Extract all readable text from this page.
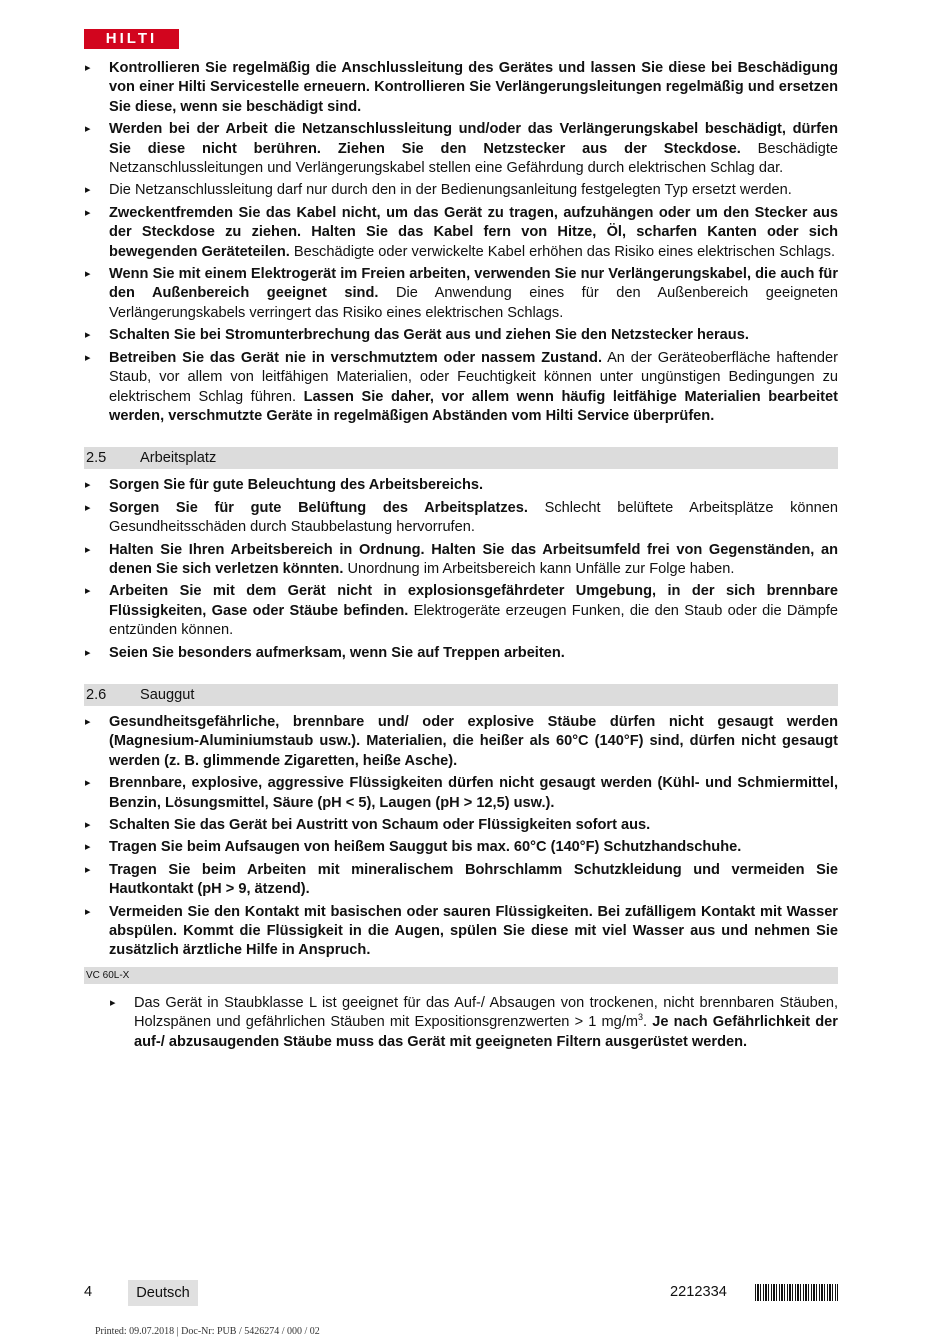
HILTI
▸ Kontrollieren Sie regelmäßig die Anschlussleitung des Gerätes und lassen Sie diese bei Beschädigung von einer Hilti Servicestelle erneuern. Kontrollieren Sie Verlängerungsleitungen regelmäßig und ersetzen Sie diese, wenn sie beschädigt sind.
▸ Werden bei der Arbeit die Netzanschlussleitung und/oder das Verlängerungskabel beschädigt, dürfen Sie diese nicht berühren. Ziehen Sie den Netzstecker aus der Steckdose. Beschädigte Netzanschlussleitungen und Verlängerungskabel stellen eine Gefährdung durch elektrischen Schlag dar.
▸ Die Netzanschlussleitung darf nur durch den in der Bedienungsanleitung festgelegten Typ ersetzt werden.
▸ Zweckentfremden Sie das Kabel nicht, um das Gerät zu tragen, aufzuhängen oder um den Stecker aus der Steckdose zu ziehen. Halten Sie das Kabel fern von Hitze, Öl, scharfen Kanten oder sich bewegenden Geräteteilen. Beschädigte oder verwickelte Kabel erhöhen das Risiko eines elektrischen Schlags.
▸ Wenn Sie mit einem Elektrogerät im Freien arbeiten, verwenden Sie nur Verlängerungskabel, die auch für den Außenbereich geeignet sind. Die Anwendung eines für den Außenbereich geeigneten Verlängerungskabels verringert das Risiko eines elektrischen Schlags.
▸ Schalten Sie bei Stromunterbrechung das Gerät aus und ziehen Sie den Netzstecker heraus.
▸ Betreiben Sie das Gerät nie in verschmutztem oder nassem Zustand. An der Geräteoberfläche haftender Staub, vor allem von leitfähigen Materialien, oder Feuchtigkeit können unter ungünstigen Bedingungen zu elektrischem Schlag führen. Lassen Sie daher, vor allem wenn häufig leitfähige Materialien bearbeitet werden, verschmutzte Geräte in regelmäßigen Abständen vom Hilti Service überprüfen.
2.5 Arbeitsplatz
▸ Sorgen Sie für gute Beleuchtung des Arbeitsbereichs.
▸ Sorgen Sie für gute Belüftung des Arbeitsplatzes. Schlecht belüftete Arbeitsplätze können Gesundheitsschäden durch Staubbelastung hervorrufen.
▸ Halten Sie Ihren Arbeitsbereich in Ordnung. Halten Sie das Arbeitsumfeld frei von Gegenständen, an denen Sie sich verletzen könnten. Unordnung im Arbeitsbereich kann Unfälle zur Folge haben.
▸ Arbeiten Sie mit dem Gerät nicht in explosionsgefährdeter Umgebung, in der sich brennbare Flüssigkeiten, Gase oder Stäube befinden. Elektrogeräte erzeugen Funken, die den Staub oder die Dämpfe entzünden können.
▸ Seien Sie besonders aufmerksam, wenn Sie auf Treppen arbeiten.
2.6 Sauggut
▸ Gesundheitsgefährliche, brennbare und/ oder explosive Stäube dürfen nicht gesaugt werden (Magnesium-Aluminiumstaub usw.). Materialien, die heißer als 60°C (140°F) sind, dürfen nicht gesaugt werden (z. B. glimmende Zigaretten, heiße Asche).
▸ Brennbare, explosive, aggressive Flüssigkeiten dürfen nicht gesaugt werden (Kühl- und Schmiermittel, Benzin, Lösungsmittel, Säure (pH < 5), Laugen (pH > 12,5) usw.).
▸ Schalten Sie das Gerät bei Austritt von Schaum oder Flüssigkeiten sofort aus.
▸ Tragen Sie beim Aufsaugen von heißem Sauggut bis max. 60°C (140°F) Schutzhandschuhe.
▸ Tragen Sie beim Arbeiten mit mineralischem Bohrschlamm Schutzkleidung und vermeiden Sie Hautkontakt (pH > 9, ätzend).
▸ Vermeiden Sie den Kontakt mit basischen oder sauren Flüssigkeiten. Bei zufälligem Kontakt mit Wasser abspülen. Kommt die Flüssigkeit in die Augen, spülen Sie diese mit viel Wasser aus und nehmen Sie zusätzlich ärztliche Hilfe in Anspruch.
VC 60L-X
▸ Das Gerät in Staubklasse L ist geeignet für das Auf-/ Absaugen von trockenen, nicht brennbaren Stäuben, Holzspänen und gefährlichen Stäuben mit Expositionsgrenzwerten > 1 $mg/m^3$. Je nach Gefährlichkeit der auf-/ abzusaugenden Stäube muss das Gerät mit geeigneten Filtern ausgerüstet werden.
4	Deutsch	2212334
Printed: 09.07.2018 | Doc-Nr: PUB / 5426274 / 000 / 02
